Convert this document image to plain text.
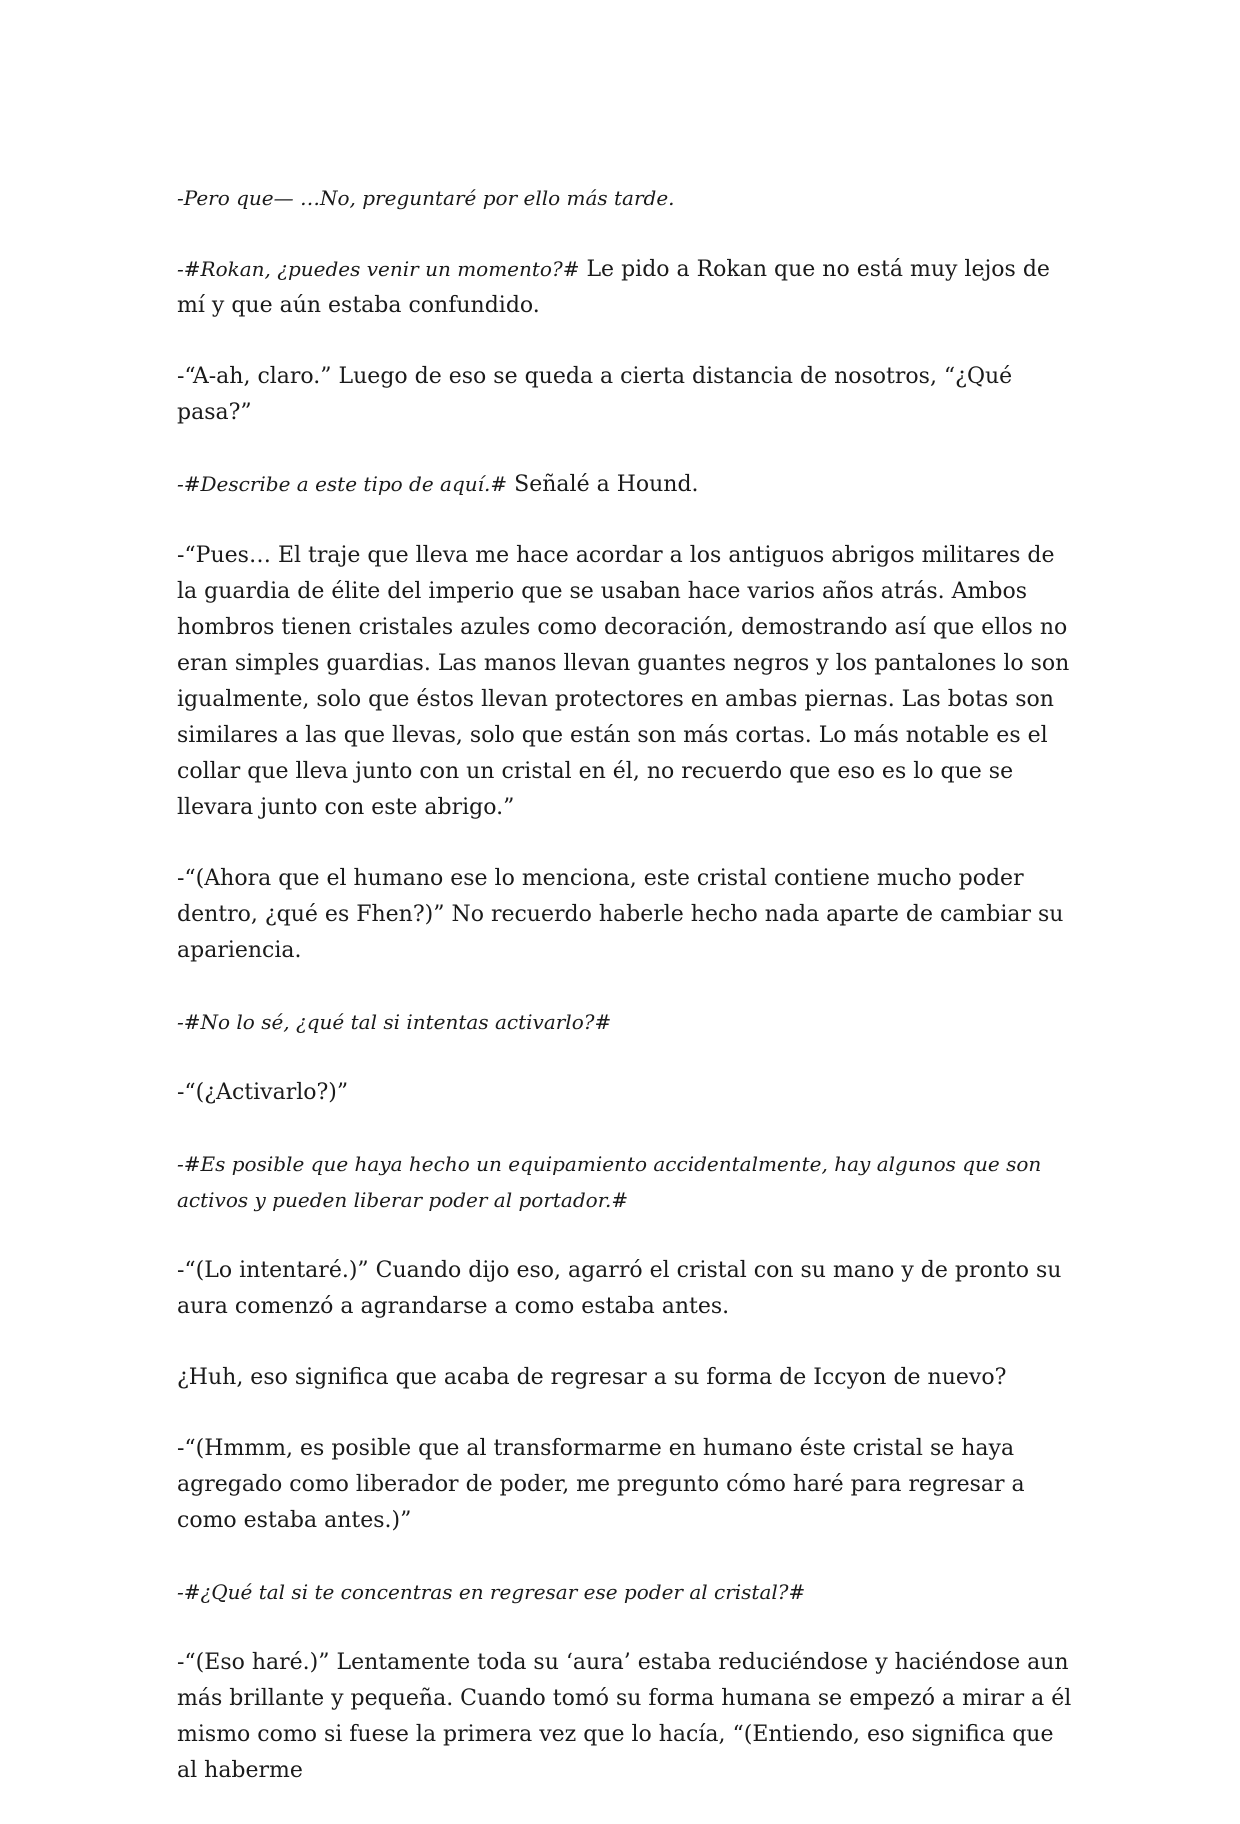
-Pero que— …No, preguntaré por ello más tarde.

-#Rokan, ¿puedes venir un momento?# Le pido a Rokan que no está muy lejos de mí y que aún estaba confundido.

-“A-ah, claro.” Luego de eso se queda a cierta distancia de nosotros, “¿Qué pasa?”

-#Describe a este tipo de aquí.# Señalé a Hound.

-“Pues… El traje que lleva me hace acordar a los antiguos abrigos militares de la guardia de élite del imperio que se usaban hace varios años atrás. Ambos hombros tienen cristales azules como decoración, demostrando así que ellos no eran simples guardias. Las manos llevan guantes negros y los pantalones lo son igualmente, solo que éstos llevan protectores en ambas piernas. Las botas son similares a las que llevas, solo que están son más cortas. Lo más notable es el collar que lleva junto con un cristal en él, no recuerdo que eso es lo que se llevara junto con este abrigo.”

-“(Ahora que el humano ese lo menciona, este cristal contiene mucho poder dentro, ¿qué es Fhen?)” No recuerdo haberle hecho nada aparte de cambiar su apariencia.

-#No lo sé, ¿qué tal si intentas activarlo?#

-“(¿Activarlo?)”

-#Es posible que haya hecho un equipamiento accidentalmente, hay algunos que son activos y pueden liberar poder al portador.#

-“(Lo intentaré.)” Cuando dijo eso, agarró el cristal con su mano y de pronto su aura comenzó a agrandarse a como estaba antes.

¿Huh, eso significa que acaba de regresar a su forma de Iccyon de nuevo?

-“(Hmmm, es posible que al transformarme en humano éste cristal se haya agregado como liberador de poder, me pregunto cómo haré para regresar a como estaba antes.)”

-#¿Qué tal si te concentras en regresar ese poder al cristal?#

-“(Eso haré.)” Lentamente toda su ‘aura’ estaba reduciéndose y haciéndose aun más brillante y pequeña. Cuando tomó su forma humana se empezó a mirar a él mismo como si fuese la primera vez que lo hacía, “(Entiendo, eso significa que al haberme
